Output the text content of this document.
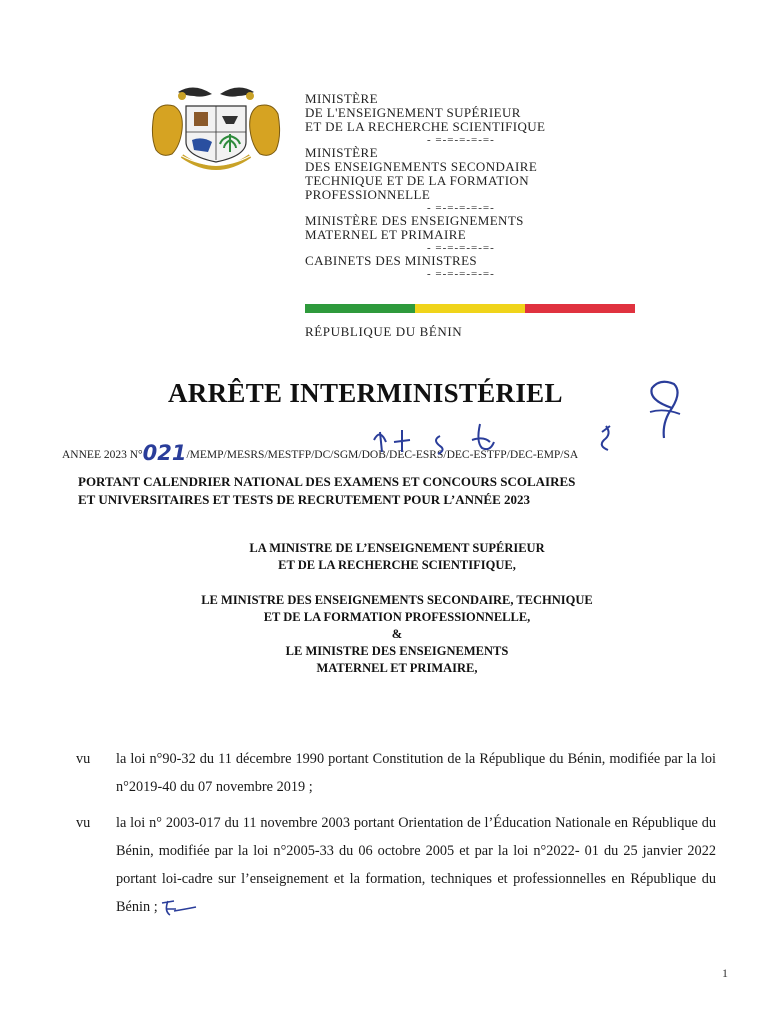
MINISTÈRE
DE L'ENSEIGNEMENT SUPÉRIEUR
ET DE LA RECHERCHE SCIENTIFIQUE
- =-=-=-=-=-
MINISTÈRE
DES ENSEIGNEMENTS SECONDAIRE
TECHNIQUE ET DE LA FORMATION
PROFESSIONNELLE
- =-=-=-=-=-
MINISTÈRE DES ENSEIGNEMENTS
MATERNEL ET PRIMAIRE
- =-=-=-=-=-
CABINETS DES MINISTRES
- =-=-=-=-=-
RÉPUBLIQUE DU BÉNIN
ARRÊTE INTERMINISTÉRIEL
ANNEE 2023 N°021/MEMP/MESRS/MESTFP/DC/SGM/DOB/DEC-ESRS/DEC-ESTFP/DEC-EMP/SA
PORTANT CALENDRIER NATIONAL DES EXAMENS ET CONCOURS SCOLAIRES
ET UNIVERSITAIRES ET TESTS DE RECRUTEMENT POUR L’ANNÉE 2023
LA MINISTRE DE L’ENSEIGNEMENT SUPÉRIEUR
ET DE LA RECHERCHE SCIENTIFIQUE,
LE MINISTRE DES ENSEIGNEMENTS SECONDAIRE, TECHNIQUE
ET DE LA FORMATION PROFESSIONNELLE,
&
LE MINISTRE DES ENSEIGNEMENTS
MATERNEL ET PRIMAIRE,
vu	la loi n°90-32 du 11 décembre 1990 portant Constitution de la République du Bénin, modifiée par la loi n°2019-40 du 07 novembre 2019 ;
vu	la loi n° 2003-017 du 11 novembre 2003 portant Orientation de l’Éducation Nationale en République du Bénin, modifiée par la loi n°2005-33 du 06 octobre 2005 et par la loi n°2022- 01 du 25 janvier 2022 portant loi-cadre sur l’enseignement et la formation, techniques et professionnelles en République du Bénin ;
1
